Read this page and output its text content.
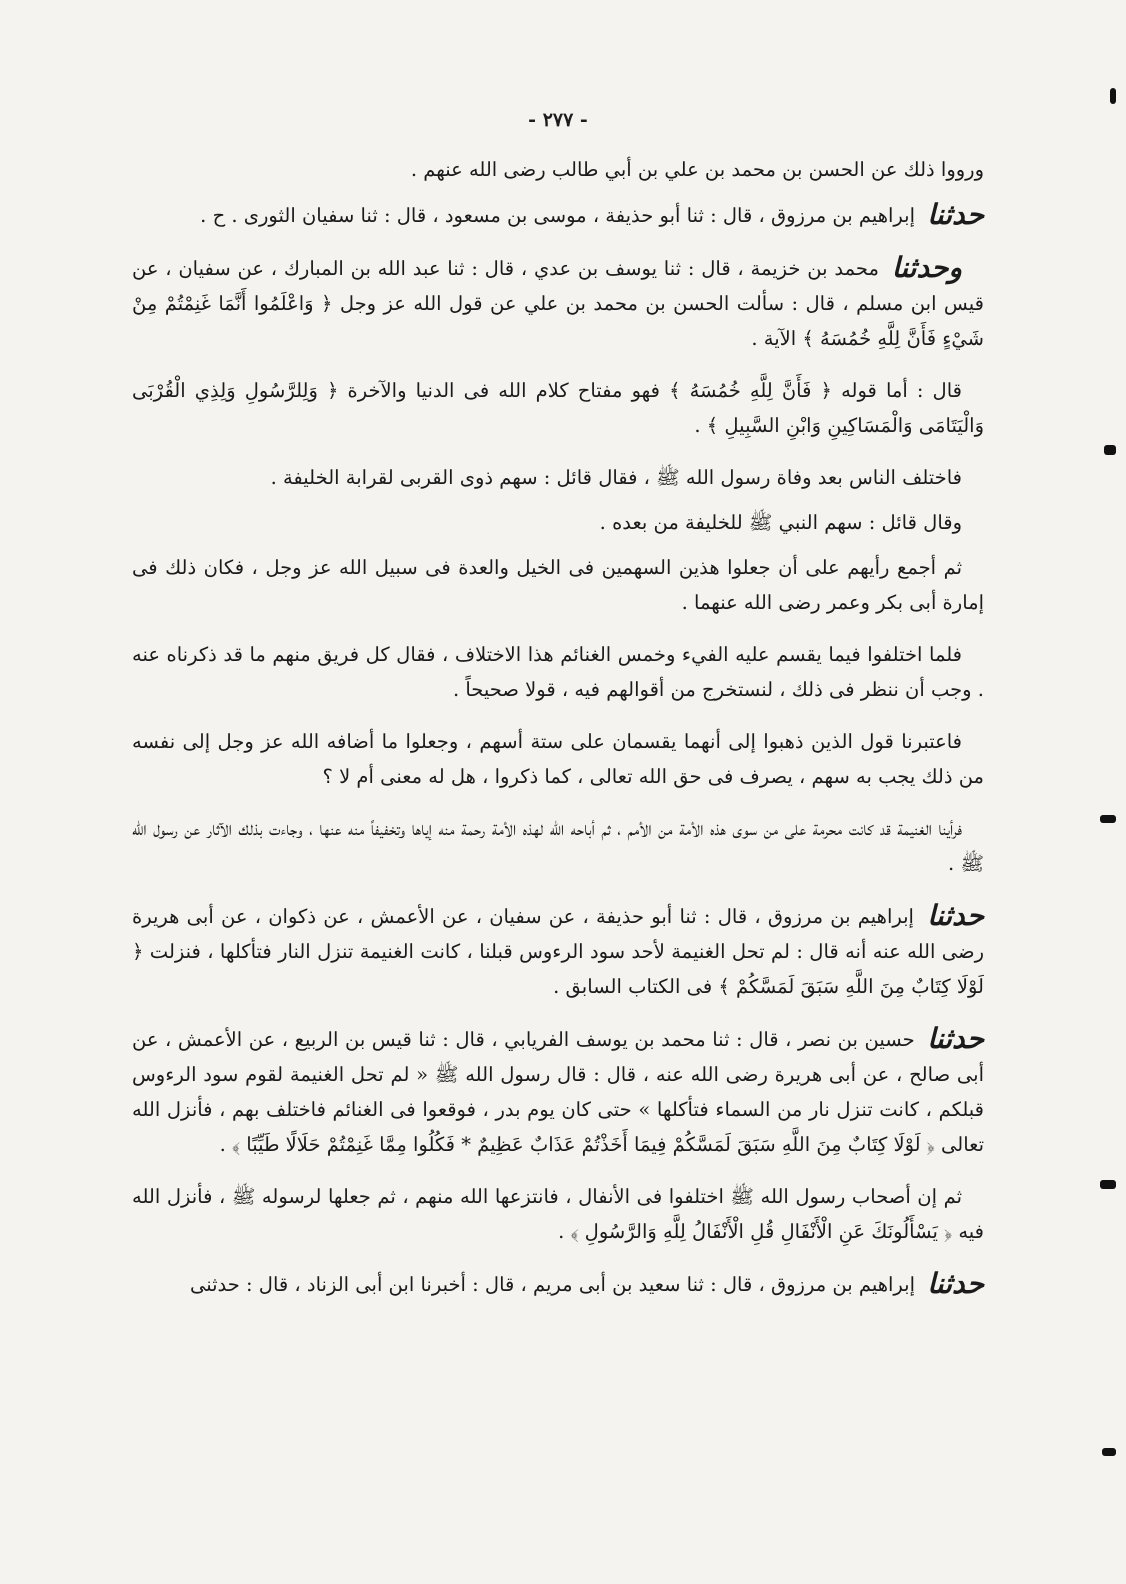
- ٢٧٧ -

ورووا ذلك عن الحسن بن محمد بن علي بن أبي طالب رضى الله عنهم .

حدثنا إبراهيم بن مرزوق ، قال : ثنا أبو حذيفة ، موسى بن مسعود ، قال : ثنا سفيان الثورى . ح .

وحدثنا محمد بن خزيمة ، قال : ثنا يوسف بن عدي ، قال : ثنا عبد الله بن المبارك ، عن سفيان ، عن قيس ابن مسلم ، قال : سألت الحسن بن محمد بن علي عن قول الله عز وجل ﴿ وَاعْلَمُوا أَنَّمَا غَنِمْتُمْ مِنْ شَيْءٍ فَأَنَّ لِلَّهِ خُمُسَهُ ﴾ الآية .

قال : أما قوله ﴿ فَأَنَّ لِلَّهِ خُمُسَهُ ﴾ فهو مفتاح كلام الله فى الدنيا والآخرة ﴿ وَلِلرَّسُولِ وَلِذِي الْقُرْبَى وَالْيَتَامَى وَالْمَسَاكِينِ وَابْنِ السَّبِيلِ ﴾ .

فاختلف الناس بعد وفاة رسول الله ﷺ ، فقال قائل : سهم ذوى القربى لقرابة الخليفة .

وقال قائل : سهم النبي ﷺ للخليفة من بعده .

ثم أجمع رأيهم على أن جعلوا هذين السهمين فى الخيل والعدة فى سبيل الله عز وجل ، فكان ذلك فى إمارة أبى بكر وعمر رضى الله عنهما .

فلما اختلفوا فيما يقسم عليه الفيء وخمس الغنائم هذا الاختلاف ، فقال كل فريق منهم ما قد ذكرناه عنه . وجب أن ننظر فى ذلك ، لنستخرج من أقوالهم فيه ، قولا صحيحاً .

فاعتبرنا قول الذين ذهبوا إلى أنهما يقسمان على ستة أسهم ، وجعلوا ما أضافه الله عز وجل إلى نفسه من ذلك يجب به سهم ، يصرف فى حق الله تعالى ، كما ذكروا ، هل له معنى أم لا ؟

فرأينا الغنيمة قد كانت محرمة على من سوى هذه الأمة من الأمم ، ثم أباحه الله لهذه الأمة رحمة منه إياها وتخفيفاً منه عنها ، وجاءت بذلك الآثار عن رسول الله ﷺ .

حدثنا إبراهيم بن مرزوق ، قال : ثنا أبو حذيفة ، عن سفيان ، عن الأعمش ، عن ذكوان ، عن أبى هريرة رضى الله عنه أنه قال : لم تحل الغنيمة لأحد سود الرءوس قبلنا ، كانت الغنيمة تنزل النار فتأكلها ، فنزلت ﴿ لَوْلَا كِتَابٌ مِنَ اللَّهِ سَبَقَ لَمَسَّكُمْ ﴾ فى الكتاب السابق .

حدثنا حسين بن نصر ، قال : ثنا محمد بن يوسف الفريابي ، قال : ثنا قيس بن الربيع ، عن الأعمش ، عن أبى صالح ، عن أبى هريرة رضى الله عنه ، قال : قال رسول الله ﷺ « لم تحل الغنيمة لقوم سود الرءوس قبلكم ، كانت تنزل نار من السماء فتأكلها » حتى كان يوم بدر ، فوقعوا فى الغنائم فاختلف بهم ، فأنزل الله تعالى ﴿ لَوْلَا كِتَابٌ مِنَ اللَّهِ سَبَقَ لَمَسَّكُمْ فِيمَا أَخَذْتُمْ عَذَابٌ عَظِيمٌ * فَكُلُوا مِمَّا غَنِمْتُمْ حَلَالًا طَيِّبًا ﴾ .

ثم إن أصحاب رسول الله ﷺ اختلفوا فى الأنفال ، فانتزعها الله منهم ، ثم جعلها لرسوله ﷺ ، فأنزل الله فيه ﴿ يَسْأَلُونَكَ عَنِ الْأَنْفَالِ قُلِ الْأَنْفَالُ لِلَّهِ وَالرَّسُولِ ﴾ .

حدثنا إبراهيم بن مرزوق ، قال : ثنا سعيد بن أبى مريم ، قال : أخبرنا ابن أبى الزناد ، قال : حدثنى
